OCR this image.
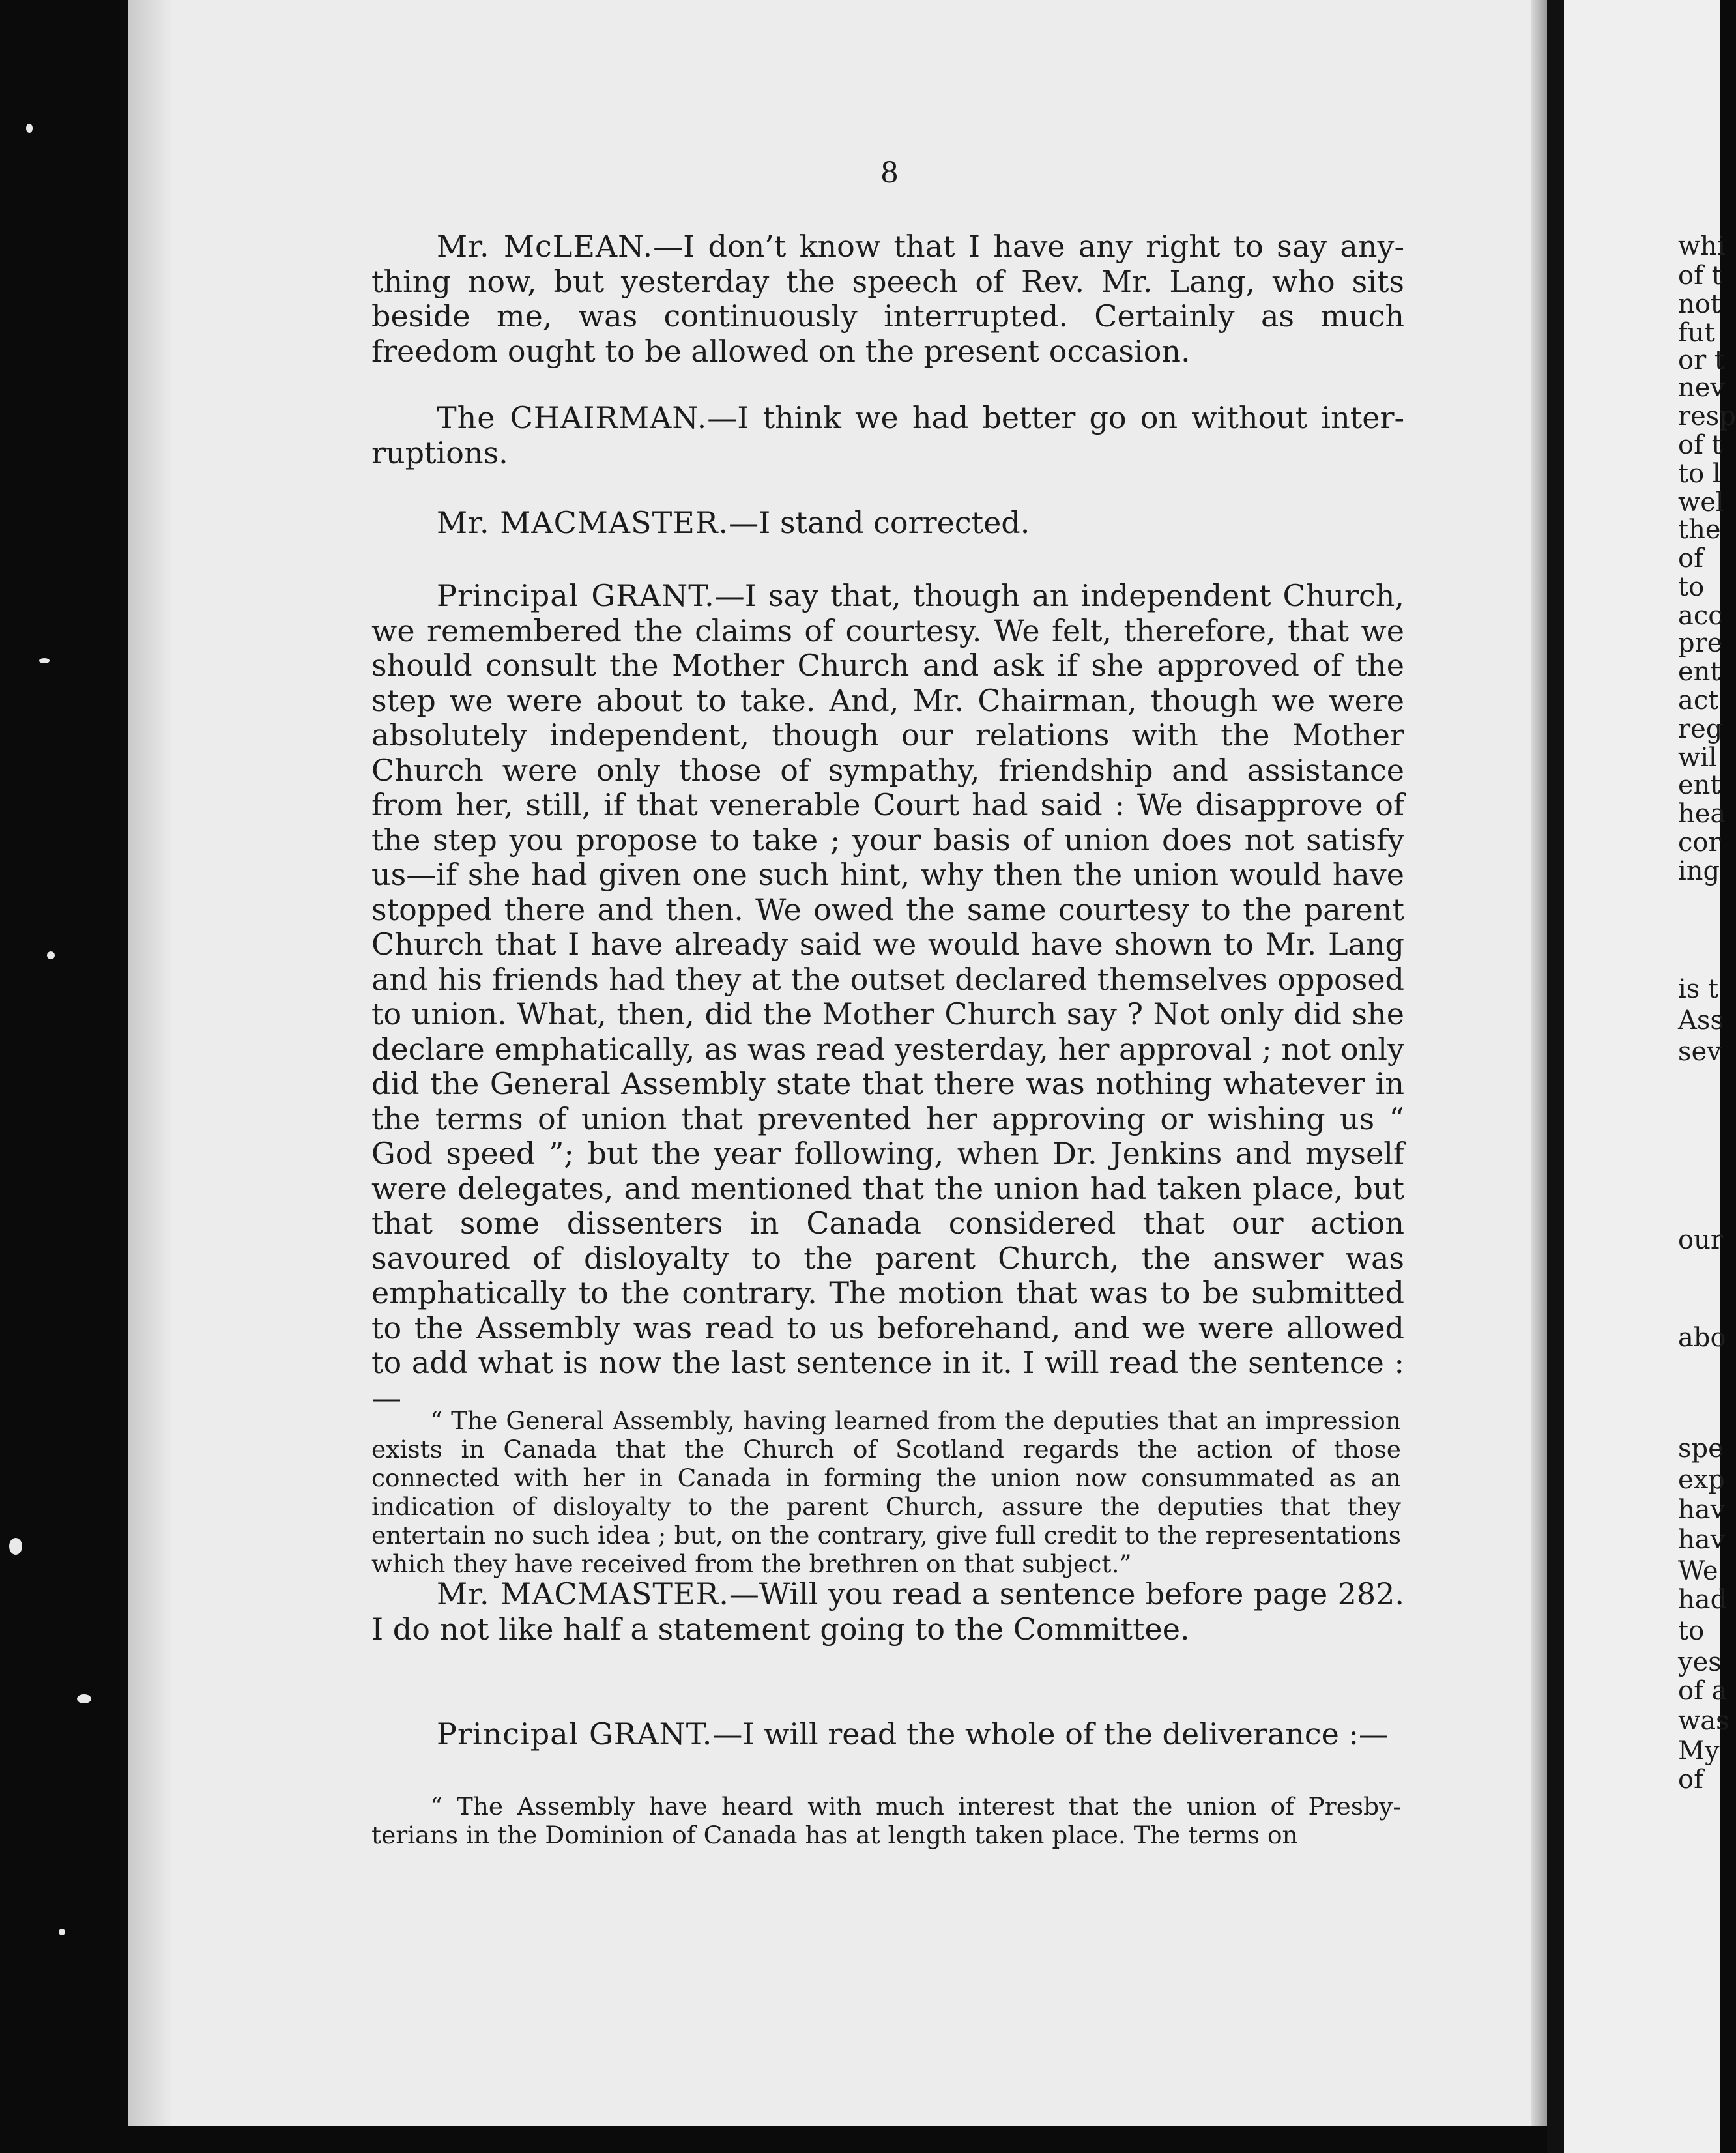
8

Mr. McLEAN.—I don’t know that I have any right to say anything now, but yesterday the speech of Rev. Mr. Lang, who sits beside me, was continuously interrupted. Certainly as much freedom ought to be allowed on the present occasion.

The CHAIRMAN.—I think we had better go on without interruptions.

Mr. MACMASTER.—I stand corrected.

Principal GRANT.—I say that, though an independent Church, we remembered the claims of courtesy. We felt, therefore, that we should consult the Mother Church and ask if she approved of the step we were about to take. And, Mr. Chairman, though we were absolutely independent, though our relations with the Mother Church were only those of sympathy, friendship and assistance from her, still, if that venerable Court had said : We disapprove of the step you propose to take ; your basis of union does not satisfy us—if she had given one such hint, why then the union would have stopped there and then. We owed the same courtesy to the parent Church that I have already said we would have shown to Mr. Lang and his friends had they at the outset declared themselves opposed to union. What, then, did the Mother Church say ? Not only did she declare emphatically, as was read yesterday, her approval ; not only did the General Assembly state that there was nothing whatever in the terms of union that prevented her approving or wishing us “ God speed ”; but the year following, when Dr. Jenkins and myself were delegates, and mentioned that the union had taken place, but that some dissenters in Canada considered that our action savoured of disloyalty to the parent Church, the answer was emphatically to the contrary. The motion that was to be submitted to the Assembly was read to us beforehand, and we were allowed to add what is now the last sentence in it. I will read the sentence :—

“ The General Assembly, having learned from the deputies that an impression exists in Canada that the Church of Scotland regards the action of those connected with her in Canada in forming the union now consummated as an indication of disloyalty to the parent Church, assure the deputies that they entertain no such idea ; but, on the contrary, give full credit to the representations which they have received from the brethren on that subject.”

Mr. MACMASTER.—Will you read a sentence before page 282. I do not like half a statement going to the Committee.

Principal GRANT.—I will read the whole of the deliverance :—

“ The Assembly have heard with much interest that the union of Presbyterians in the Dominion of Canada has at length taken place. The terms on

whi
of t
not
fut
or t
nev
resp
of t
to l
wel
the
of
to
acc
pre
ent
act
reg
wil
ent
hea
cor
ing
is t
Ass
sev
our
abo
spe
exp
hav
hav
We
had
to
yes
of a
was
My
of
